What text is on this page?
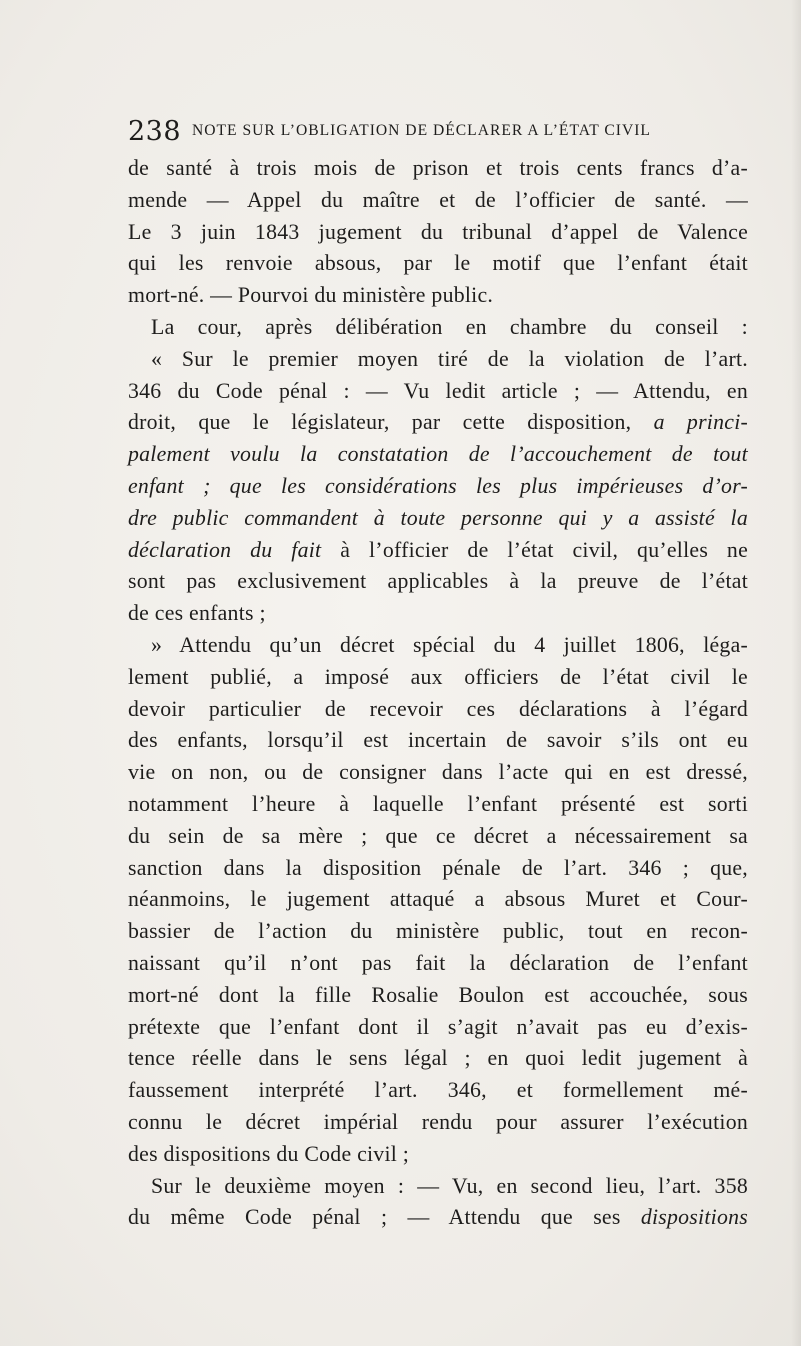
238 NOTE SUR L’OBLIGATION DE DÉCLARER A L’ÉTAT CIVIL
de santé à trois mois de prison et trois cents francs d’a-
mende — Appel du maître et de l’officier de santé. —
Le 3 juin 1843 jugement du tribunal d’appel de Valence
qui les renvoie absous, par le motif que l’enfant était
mort-né. — Pourvoi du ministère public.
La cour, après délibération en chambre du conseil :
« Sur le premier moyen tiré de la violation de l’art.
346 du Code pénal : — Vu ledit article ; — Attendu, en
droit, que le législateur, par cette disposition, a princi-
palement voulu la constatation de l’accouchement de tout
enfant ; que les considérations les plus impérieuses d’or-
dre public commandent à toute personne qui y a assisté la
déclaration du fait à l’officier de l’état civil, qu’elles ne
sont pas exclusivement applicables à la preuve de l’état
de ces enfants ;
» Attendu qu’un décret spécial du 4 juillet 1806, léga-
lement publié, a imposé aux officiers de l’état civil le
devoir particulier de recevoir ces déclarations à l’égard
des enfants, lorsqu’il est incertain de savoir s’ils ont eu
vie on non, ou de consigner dans l’acte qui en est dressé,
notamment l’heure à laquelle l’enfant présenté est sorti
du sein de sa mère ; que ce décret a nécessairement sa
sanction dans la disposition pénale de l’art. 346 ; que,
néanmoins, le jugement attaqué a absous Muret et Cour-
bassier de l’action du ministère public, tout en recon-
naissant qu’il n’ont pas fait la déclaration de l’enfant
mort-né dont la fille Rosalie Boulon est accouchée, sous
prétexte que l’enfant dont il s’agit n’avait pas eu d’exis-
tence réelle dans le sens légal ; en quoi ledit jugement à
faussement interprété l’art. 346, et formellement mé-
connu le décret impérial rendu pour assurer l’exécution
des dispositions du Code civil ;
Sur le deuxième moyen : — Vu, en second lieu, l’art. 358
du même Code pénal ; — Attendu que ses dispositions
